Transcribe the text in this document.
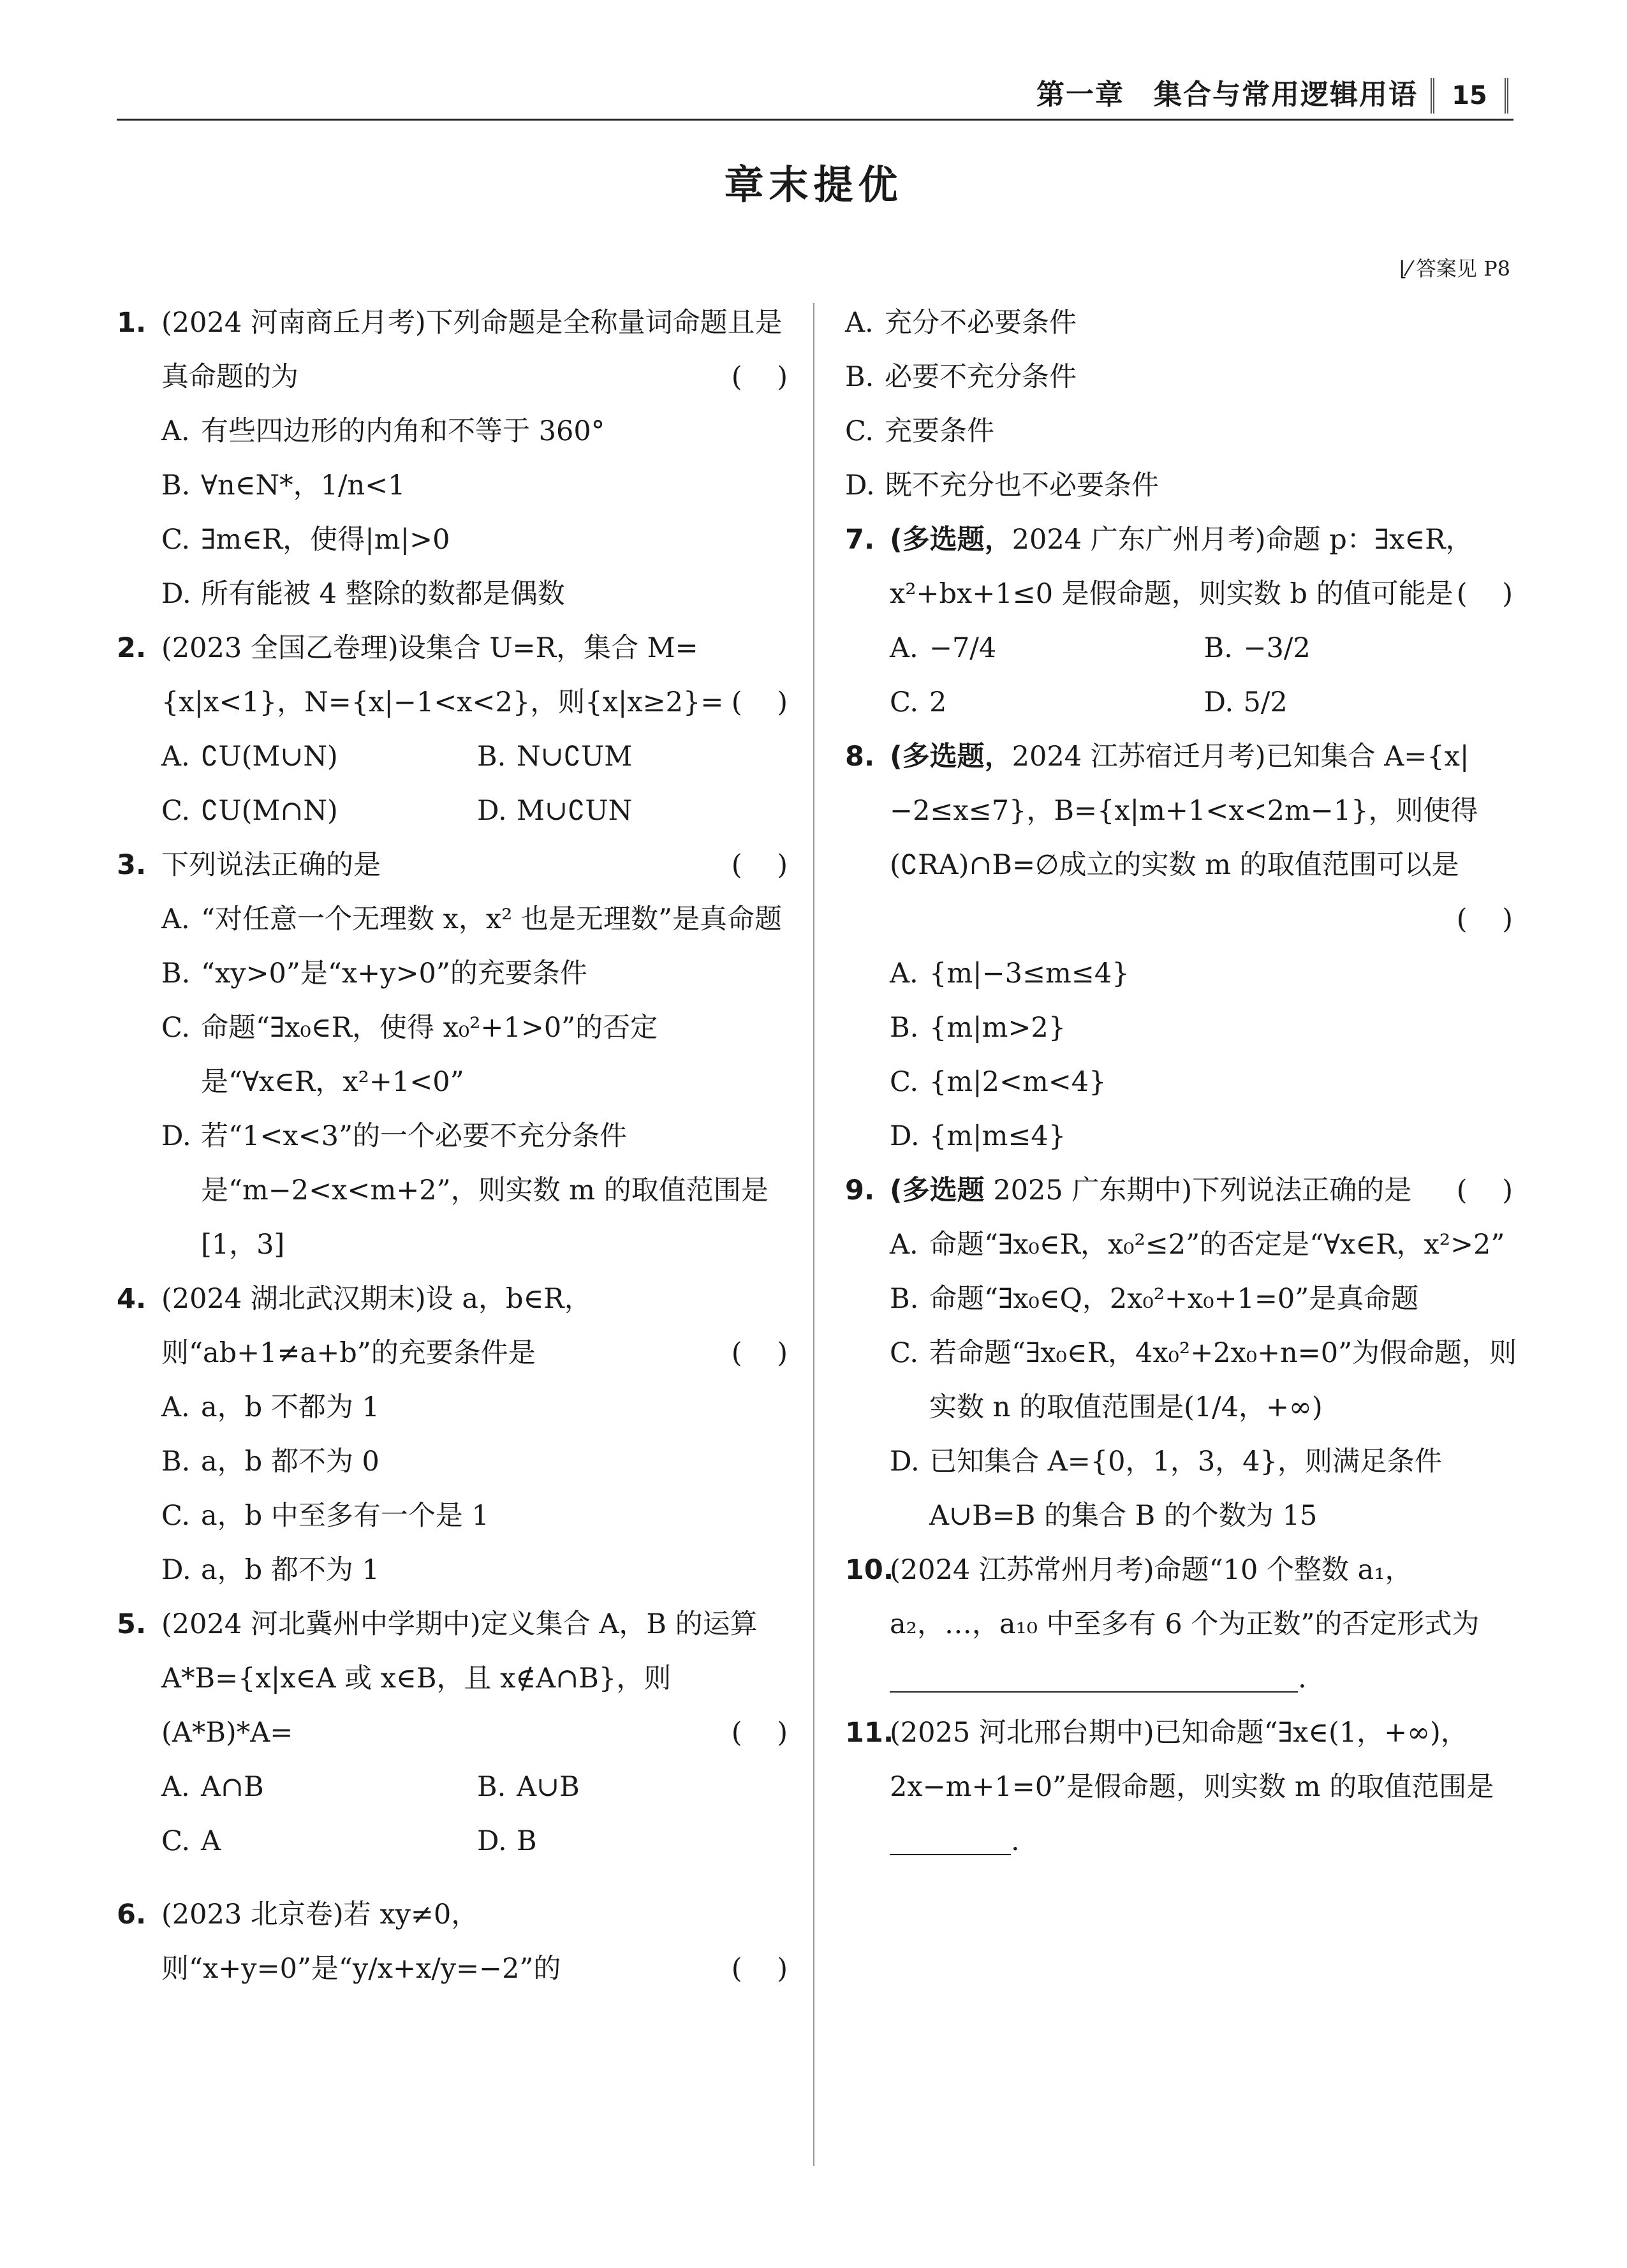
第一章　集合与常用逻辑用语	15
章末提优
⌊⁄ 答案见 P8
1. (2024 河南商丘月考)下列命题是全称量词命题且是真命题的为	(    )
A. 有些四边形的内角和不等于 360°
B. ∀n∈N*，1/n<1
C. ∃m∈R，使得|m|>0
D. 所有能被 4 整除的数都是偶数
2. (2023 全国乙卷理)设集合 U=R，集合 M={x|x<1}，N={x|−1<x<2}，则{x|x≥2}= (    )
A. ∁U(M∪N)	B. N∪∁UM
C. ∁U(M∩N)	D. M∪∁UN
3. 下列说法正确的是	(    )
A. “对任意一个无理数 x，x² 也是无理数”是真命题
B. “xy>0”是“x+y>0”的充要条件
C. 命题“∃x₀∈R，使得 x₀²+1>0”的否定是“∀x∈R，x²+1<0”
D. 若“1<x<3”的一个必要不充分条件是“m−2<x<m+2”，则实数 m 的取值范围是[1，3]
4. (2024 湖北武汉期末)设 a，b∈R，则“ab+1≠a+b”的充要条件是	(    )
A. a，b 不都为 1
B. a，b 都不为 0
C. a，b 中至多有一个是 1
D. a，b 都不为 1
5. (2024 河北冀州中学期中)定义集合 A，B 的运算 A*B={x|x∈A 或 x∈B，且 x∉A∩B}，则(A*B)*A=	(    )
A. A∩B	B. A∪B
C. A	D. B
6. (2023 北京卷)若 xy≠0，则“x+y=0”是“y/x+x/y=−2”的	(    )
A. 充分不必要条件
B. 必要不充分条件
C. 充要条件
D. 既不充分也不必要条件
7. (多选题，2024 广东广州月考)命题 p：∃x∈R，x²+bx+1≤0 是假命题，则实数 b 的值可能是 (    )
A. −7/4	B. −3/2
C. 2	D. 5/2
8. (多选题，2024 江苏宿迁月考)已知集合 A={x|−2≤x≤7}，B={x|m+1<x<2m−1}，则使得(∁RA)∩B=∅成立的实数 m 的取值范围可以是
(    )
A. {m|−3≤m≤4}
B. {m|m>2}
C. {m|2<m<4}
D. {m|m≤4}
9. (多选题 2025 广东期中)下列说法正确的是 (    )
A. 命题“∃x₀∈R，x₀²≤2”的否定是“∀x∈R，x²>2”
B. 命题“∃x₀∈Q，2x₀²+x₀+1=0”是真命题
C. 若命题“∃x₀∈R，4x₀²+2x₀+n=0”为假命题，则实数 n 的取值范围是(1/4，+∞)
D. 已知集合 A={0，1，3，4}，则满足条件 A∪B=B 的集合 B 的个数为 15
10.
(2024 江苏常州月考)命题“10 个整数 a₁，a₂，…，a₁₀ 中至多有 6 个为正数”的否定形式为.
11.
(2025 河北邢台期中)已知命题“∃x∈(1，+∞)，2x−m+1=0”是假命题，则实数 m 的取值范围是.
